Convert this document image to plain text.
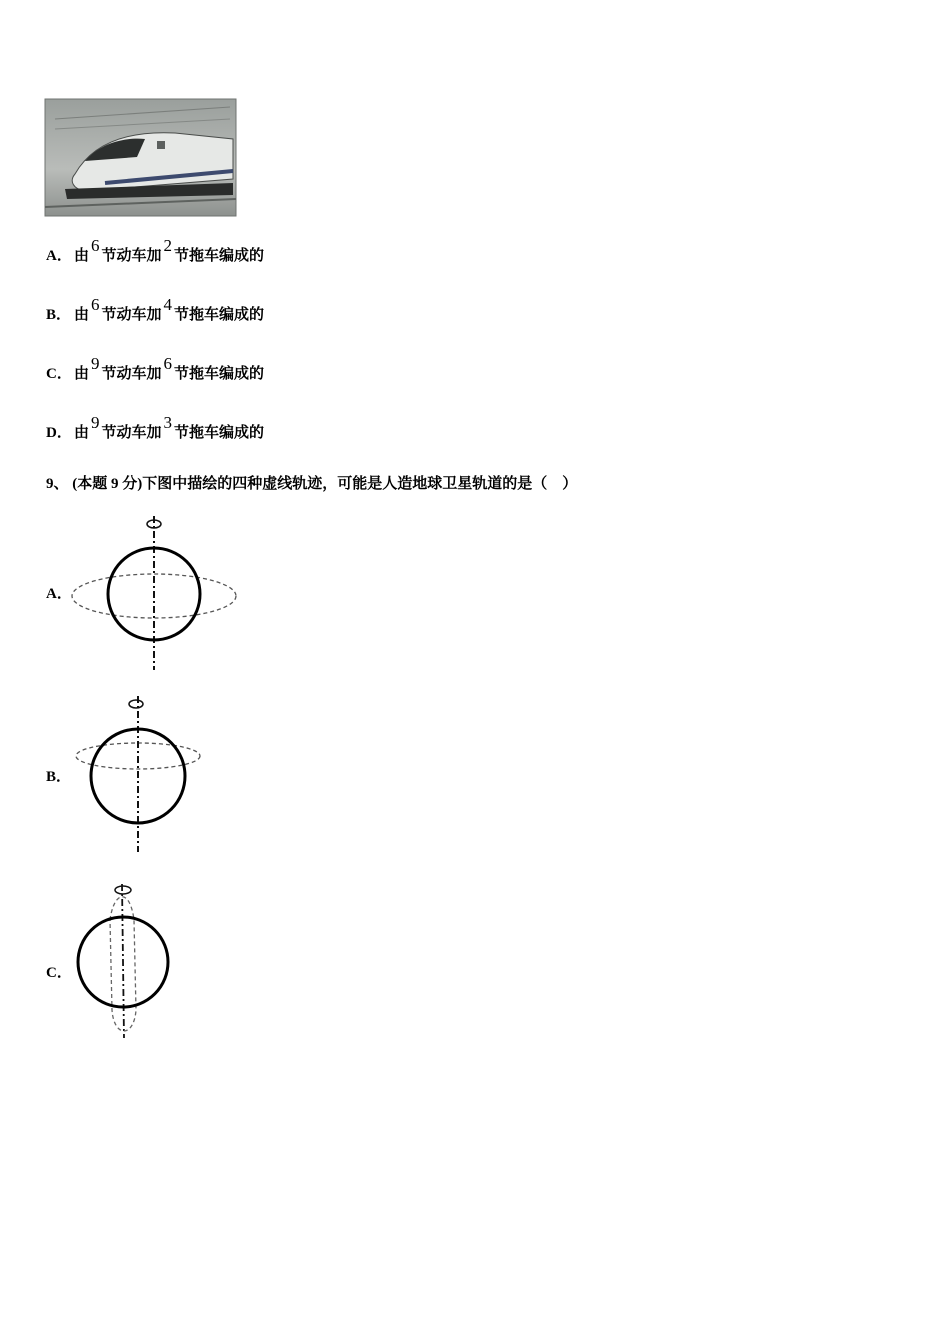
A． 由6节动车加2节拖车编成的
B． 由6节动车加4节拖车编成的
C． 由9节动车加6节拖车编成的
D． 由9节动车加3节拖车编成的
9、 (本题 9 分)下图中描绘的四种虚线轨迹，可能是人造地球卫星轨道的是（　）
A．
B．
C．
